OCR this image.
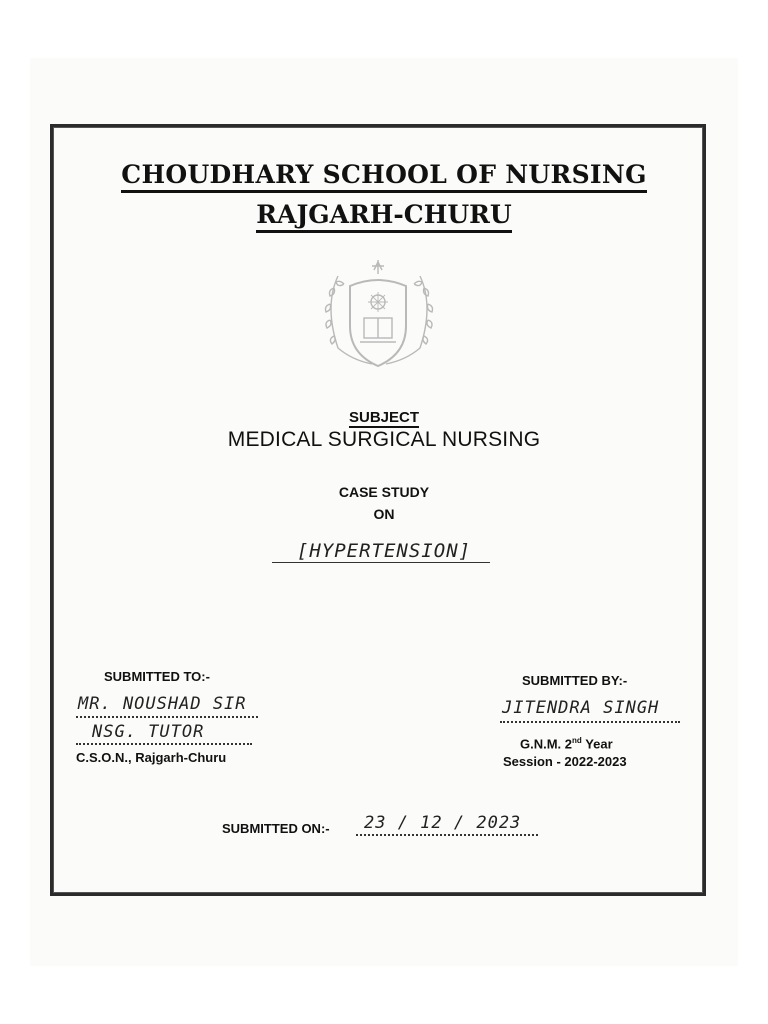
CHOUDHARY SCHOOL OF NURSING
RAJGARH-CHURU
SUBJECT
MEDICAL SURGICAL NURSING
CASE STUDY
ON
[HYPERTENSION]
SUBMITTED TO:-
MR. NOUSHAD SIR
NSG. TUTOR
C.S.O.N., Rajgarh-Churu
SUBMITTED BY:-
JITENDRA SINGH
G.N.M. 2nd Year
Session - 2022-2023
SUBMITTED ON:- 23 / 12 / 2023
